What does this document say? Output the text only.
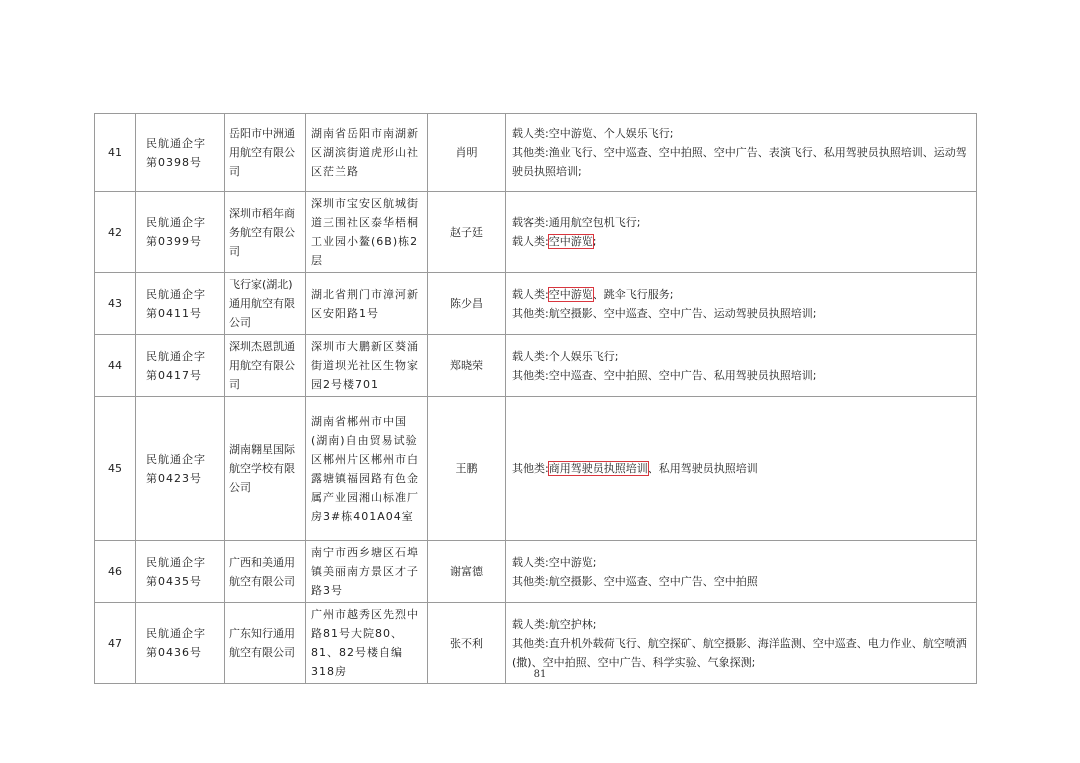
41	民航通企字
第0398号	岳阳市中洲通用航空有限公司	湖南省岳阳市南湖新区湖滨街道虎形山社区茫兰路	肖明	载人类:空中游览、个人娱乐飞行;
其他类:渔业飞行、空中巡查、空中拍照、空中广告、表演飞行、私用驾驶员执照培训、运动驾驶员执照培训;

42	民航通企字
第0399号	深圳市稻年商务航空有限公司	深圳市宝安区航城街道三围社区泰华梧桐工业园小鳌(6B)栋2层	赵子廷	载客类:通用航空包机飞行;
载人类:空中游览;

43	民航通企字
第0411号	飞行家(湖北)通用航空有限公司	湖北省荆门市漳河新区安阳路1号	陈少昌	载人类:空中游览、跳伞飞行服务;
其他类:航空摄影、空中巡查、空中广告、运动驾驶员执照培训;

44	民航通企字
第0417号	深圳杰恩凯通用航空有限公司	深圳市大鹏新区葵涌街道坝光社区生物家园2号楼701	郑晓荣	载人类:个人娱乐飞行;
其他类:空中巡查、空中拍照、空中广告、私用驾驶员执照培训;

45	民航通企字
第0423号	湖南翱星国际航空学校有限公司	湖南省郴州市中国(湖南)自由贸易试验区郴州片区郴州市白露塘镇福园路有色金属产业园湘山标准厂房3#栋401A04室	王鹏	其他类:商用驾驶员执照培训、私用驾驶员执照培训

46	民航通企字
第0435号	广西和美通用航空有限公司	南宁市西乡塘区石埠镇美丽南方景区才子路3号	谢富德	载人类:空中游览;
其他类:航空摄影、空中巡查、空中广告、空中拍照

47	民航通企字
第0436号	广东知行通用航空有限公司	广州市越秀区先烈中路81号大院80、81、82号楼自编318房	张不利	载人类:航空护林;
其他类:直升机外载荷飞行、航空探矿、航空摄影、海洋监测、空中巡查、电力作业、航空喷洒(撒)、空中拍照、空中广告、科学实验、气象探测;
81
